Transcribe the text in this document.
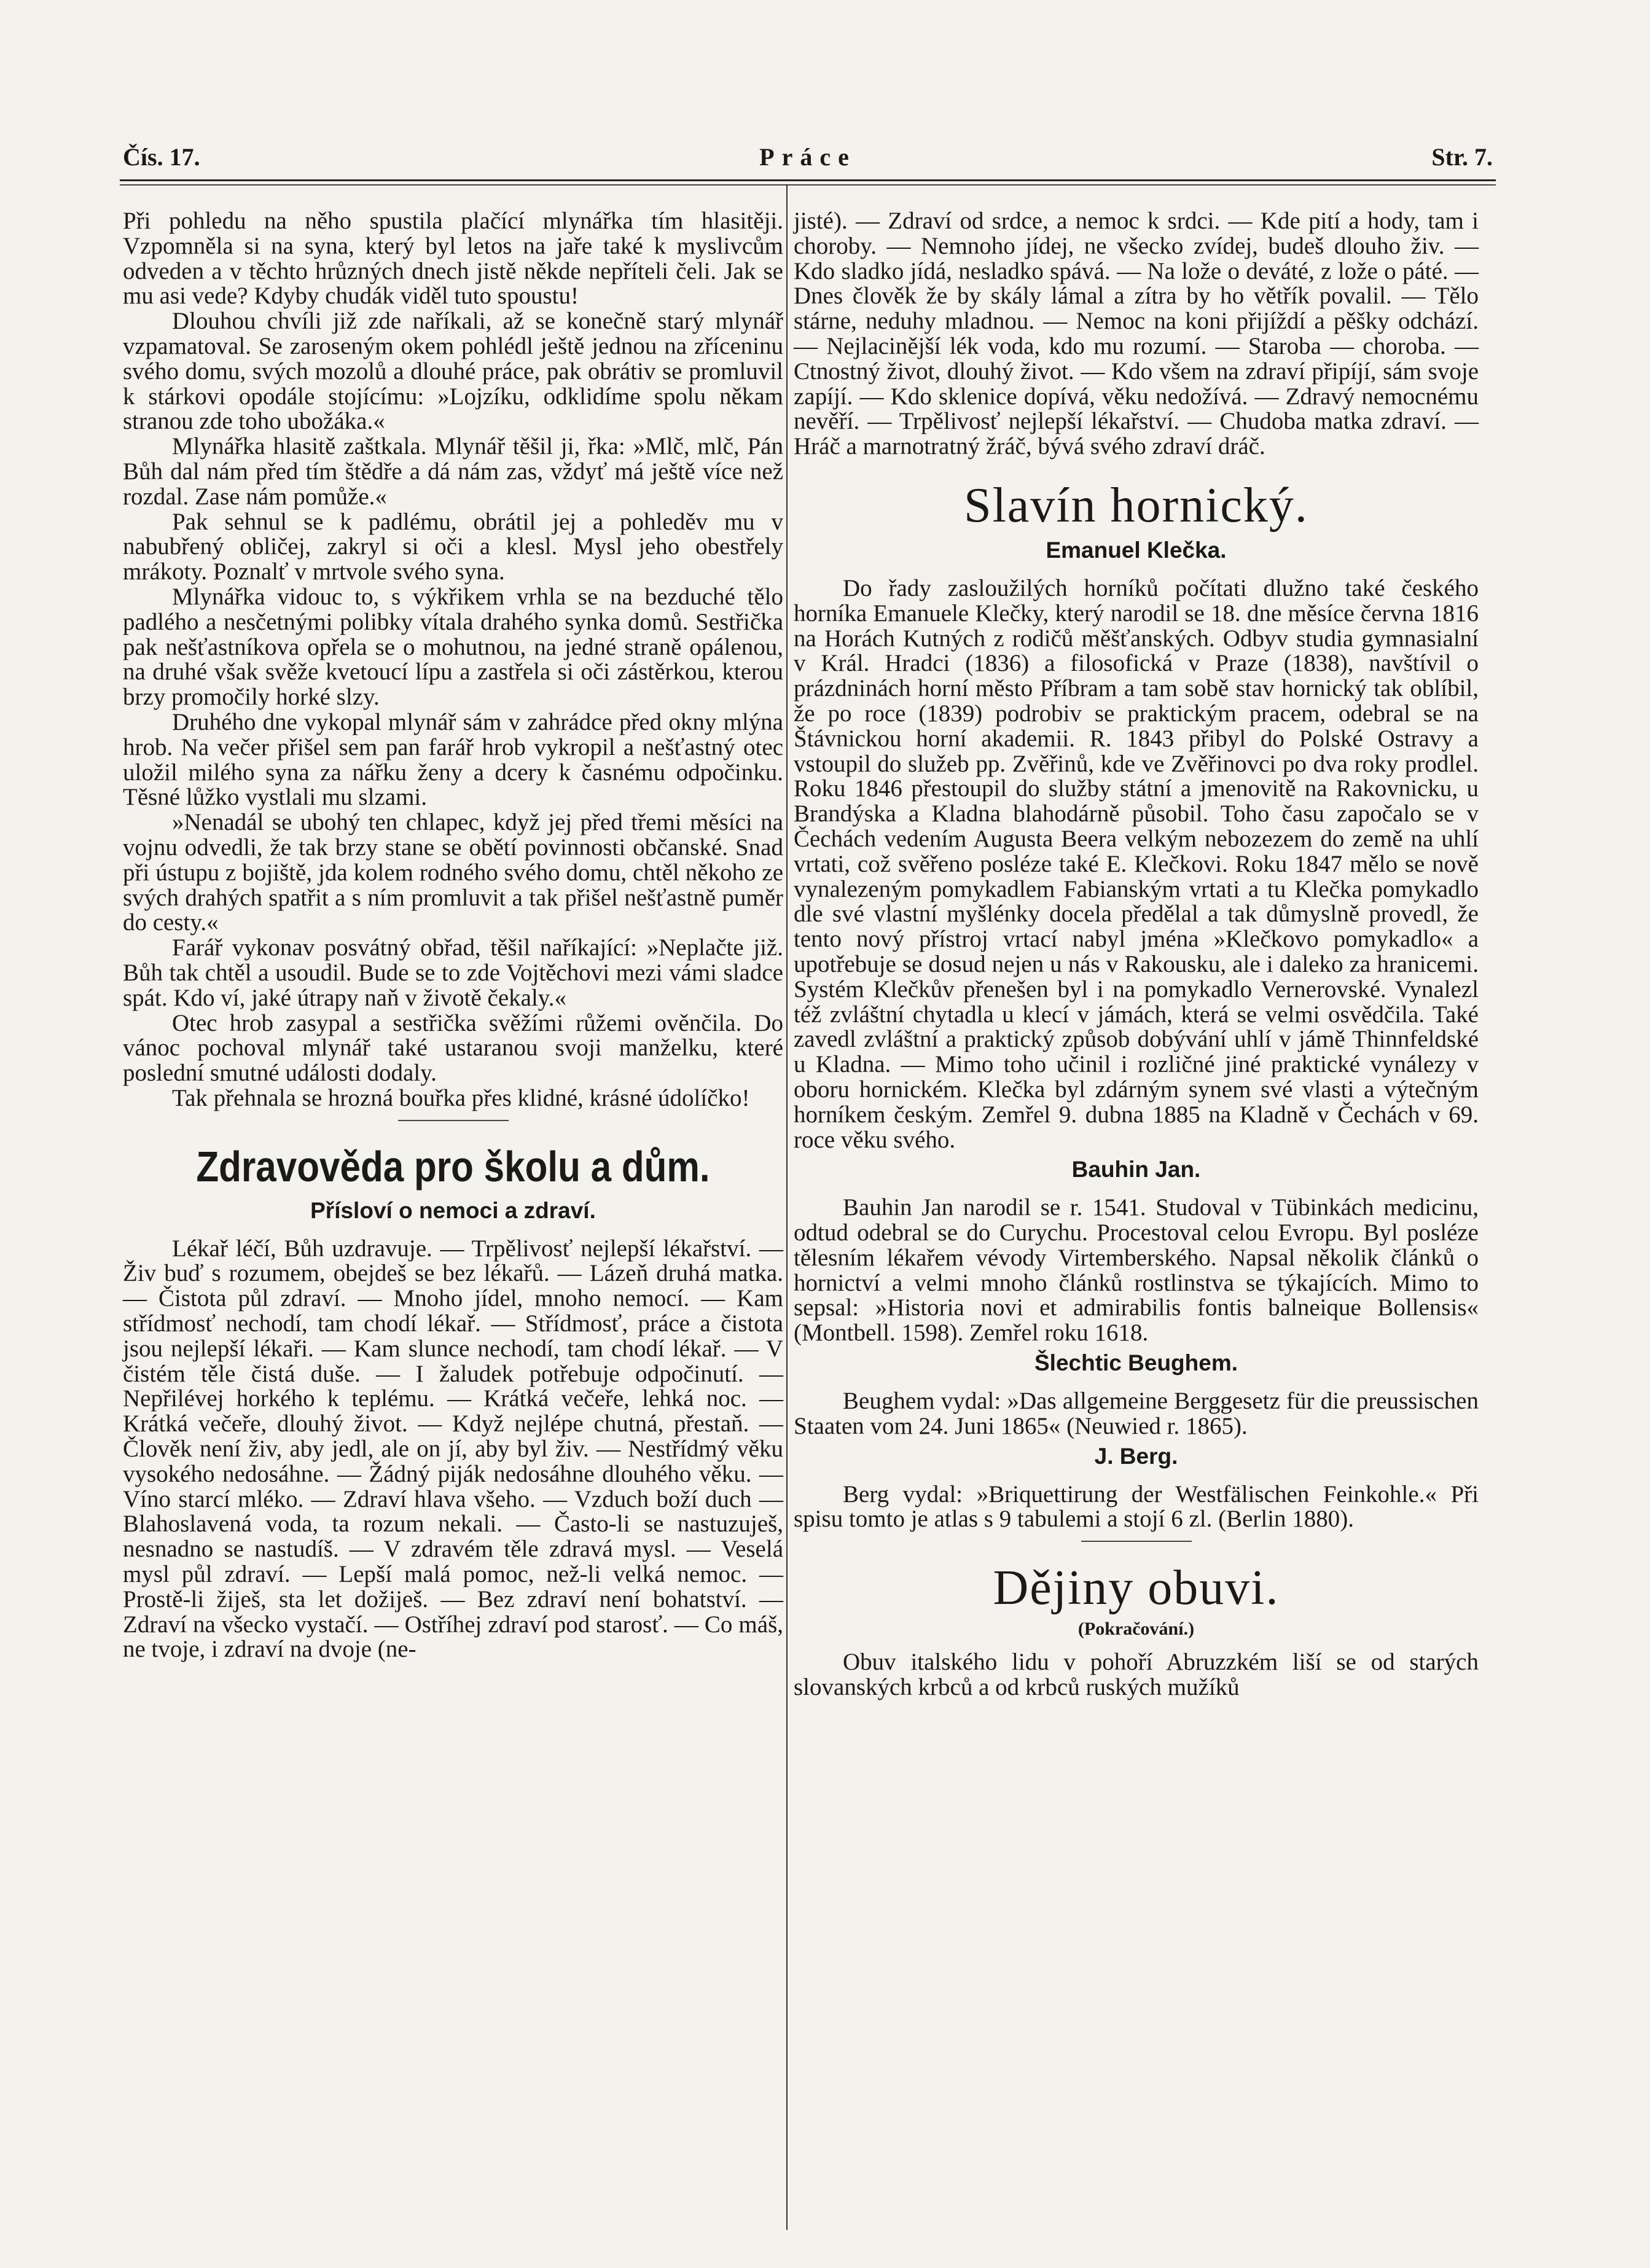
Čís. 17.	Práce	Str. 7.

Při pohledu na něho spustila plačící mlynářka tím hlasitěji. Vzpomněla si na syna, který byl letos na jaře také k myslivcům odveden a v těchto hrůzných dnech jistě někde nepříteli čeli. Jak se mu asi vede? Kdyby chudák viděl tuto spoustu!

Dlouhou chvíli již zde naříkali, až se konečně starý mlynář vzpamatoval. Se zaroseným okem pohlédl ještě jednou na zříceninu svého domu, svých mozolů a dlouhé práce, pak obrátiv se promluvil k stárkovi opodále stojícímu: »Lojzíku, odklidíme spolu někam stranou zde toho ubožáka.«

Mlynářka hlasitě zaštkala. Mlynář těšil ji, řka: »Mlč, mlč, Pán Bůh dal nám před tím štědře a dá nám zas, vždyť má ještě více než rozdal. Zase nám pomůže.«

Pak sehnul se k padlému, obrátil jej a pohleděv mu v nabubřený obličej, zakryl si oči a klesl. Mysl jeho obestřely mrákoty. Poznalť v mrtvole svého syna.

Mlynářka vidouc to, s výkřikem vrhla se na bezduché tělo padlého a nesčetnými polibky vítala drahého synka domů. Sestřička pak nešťastníkova opřela se o mohutnou, na jedné straně opálenou, na druhé však svěže kvetoucí lípu a zastřela si oči zástěrkou, kterou brzy promočily horké slzy.

Druhého dne vykopal mlynář sám v zahrádce před okny mlýna hrob. Na večer přišel sem pan farář hrob vykropil a nešťastný otec uložil milého syna za nářku ženy a dcery k časnému odpočinku. Těsné lůžko vystlali mu slzami.

»Nenadál se ubohý ten chlapec, když jej před třemi měsíci na vojnu odvedli, že tak brzy stane se obětí povinnosti občanské. Snad při ústupu z bojiště, jda kolem rodného svého domu, chtěl někoho ze svých drahých spatřit a s ním promluvit a tak přišel nešťastně puměr do cesty.«

Farář vykonav posvátný obřad, těšil naříkající: »Neplačte již. Bůh tak chtěl a usoudil. Bude se to zde Vojtěchovi mezi vámi sladce spát. Kdo ví, jaké útrapy naň v životě čekaly.«

Otec hrob zasypal a sestřička svěžími růžemi ověnčila. Do vánoc pochoval mlynář také ustaranou svoji manželku, které poslední smutné události dodaly.

Tak přehnala se hrozná bouřka přes klidné, krásné údolíčko!

Zdravověda pro školu a dům.
Přísloví o nemoci a zdraví.

Lékař léčí, Bůh uzdravuje. — Trpělivosť nejlepší lékařství. — Živ buď s rozumem, obejdeš se bez lékařů. — Lázeň druhá matka. — Čistota půl zdraví. — Mnoho jídel, mnoho nemocí. — Kam střídmosť nechodí, tam chodí lékař. — Střídmosť, práce a čistota jsou nejlepší lékaři. — Kam slunce nechodí, tam chodí lékař. — V čistém těle čistá duše. — I žaludek potřebuje odpočinutí. — Nepřilévej horkého k teplému. — Krátká večeře, lehká noc. — Krátká večeře, dlouhý život. — Když nejlépe chutná, přestaň. — Člověk není živ, aby jedl, ale on jí, aby byl živ. — Nestřídmý věku vysokého nedosáhne. — Žádný piják nedosáhne dlouhého věku. — Víno starcí mléko. — Zdraví hlava všeho. — Vzduch boží duch — Blahoslavená voda, ta rozum nekali. — Často-li se nastuzuješ, nesnadno se nastudíš. — V zdravém těle zdravá mysl. — Veselá mysl půl zdraví. — Lepší malá pomoc, než-li velká nemoc. — Prostě-li žiješ, sta let dožiješ. — Bez zdraví není bohatství. — Zdraví na všecko vystačí. — Ostříhej zdraví pod starosť. — Co máš, ne tvoje, i zdraví na dvoje (ne-

jisté). — Zdraví od srdce, a nemoc k srdci. — Kde pití a hody, tam i choroby. — Nemnoho jídej, ne všecko zvídej, budeš dlouho živ. — Kdo sladko jídá, nesladko spává. — Na lože o deváté, z lože o páté. — Dnes člověk že by skály lámal a zítra by ho větřík povalil. — Tělo stárne, neduhy mladnou. — Nemoc na koni přijíždí a pěšky odchází. — Nejlacinější lék voda, kdo mu rozumí. — Staroba — choroba. — Ctnostný život, dlouhý život. — Kdo všem na zdraví připíjí, sám svoje zapíjí. — Kdo sklenice dopívá, věku nedožívá. — Zdravý nemocnému nevěří. — Trpělivosť nejlepší lékařství. — Chudoba matka zdraví. — Hráč a marnotratný žráč, bývá svého zdraví dráč.

Slavín hornický.
Emanuel Klečka.

Do řady zasloužilých horníků počítati dlužno také českého horníka Emanuele Klečky, který narodil se 18. dne měsíce června 1816 na Horách Kutných z rodičů měšťanských. Odbyv studia gymnasialní v Král. Hradci (1836) a filosofická v Praze (1838), navštívil o prázdninách horní město Příbram a tam sobě stav hornický tak oblíbil, že po roce (1839) podrobiv se praktickým pracem, odebral se na Štávnickou horní akademii. R. 1843 přibyl do Polské Ostravy a vstoupil do služeb pp. Zvěřinů, kde ve Zvěřinovci po dva roky prodlel. Roku 1846 přestoupil do služby státní a jmenovitě na Rakovnicku, u Brandýska a Kladna blahodárně působil. Toho času započalo se v Čechách vedením Augusta Beera velkým nebozezem do země na uhlí vrtati, což svěřeno posléze také E. Klečkovi. Roku 1847 mělo se nově vynalezeným pomykadlem Fabianským vrtati a tu Klečka pomykadlo dle své vlastní myšlénky docela předělal a tak důmyslně provedl, že tento nový přístroj vrtací nabyl jména »Klečkovo pomykadlo« a upotřebuje se dosud nejen u nás v Rakousku, ale i daleko za hranicemi. Systém Klečkův přenešen byl i na pomykadlo Vernerovské. Vynalezl též zvláštní chytadla u klecí v jámách, která se velmi osvědčila. Také zavedl zvláštní a praktický způsob dobývání uhlí v jámě Thinnfeldské u Kladna. — Mimo toho učinil i rozličné jiné praktické vynálezy v oboru hornickém. Klečka byl zdárným synem své vlasti a výtečným horníkem českým. Zemřel 9. dubna 1885 na Kladně v Čechách v 69. roce věku svého.

Bauhin Jan.

Bauhin Jan narodil se r. 1541. Studoval v Tübinkách medicinu, odtud odebral se do Curychu. Procestoval celou Evropu. Byl posléze tělesním lékařem vévody Virtemberského. Napsal několik článků o hornictví a velmi mnoho článků rostlinstva se týkajících. Mimo to sepsal: »Historia novi et admirabilis fontis balneique Bollensis« (Montbell. 1598). Zemřel roku 1618.

Šlechtic Beughem.

Beughem vydal: »Das allgemeine Berggesetz für die preussischen Staaten vom 24. Juni 1865« (Neuwied r. 1865).

J. Berg.

Berg vydal: »Briquettirung der Westfälischen Feinkohle.« Při spisu tomto je atlas s 9 tabulemi a stojí 6 zl. (Berlin 1880).

Dějiny obuvi.
(Pokračování.)

Obuv italského lidu v pohoří Abruzzkém liší se od starých slovanských krbců a od krbců ruských mužíků
